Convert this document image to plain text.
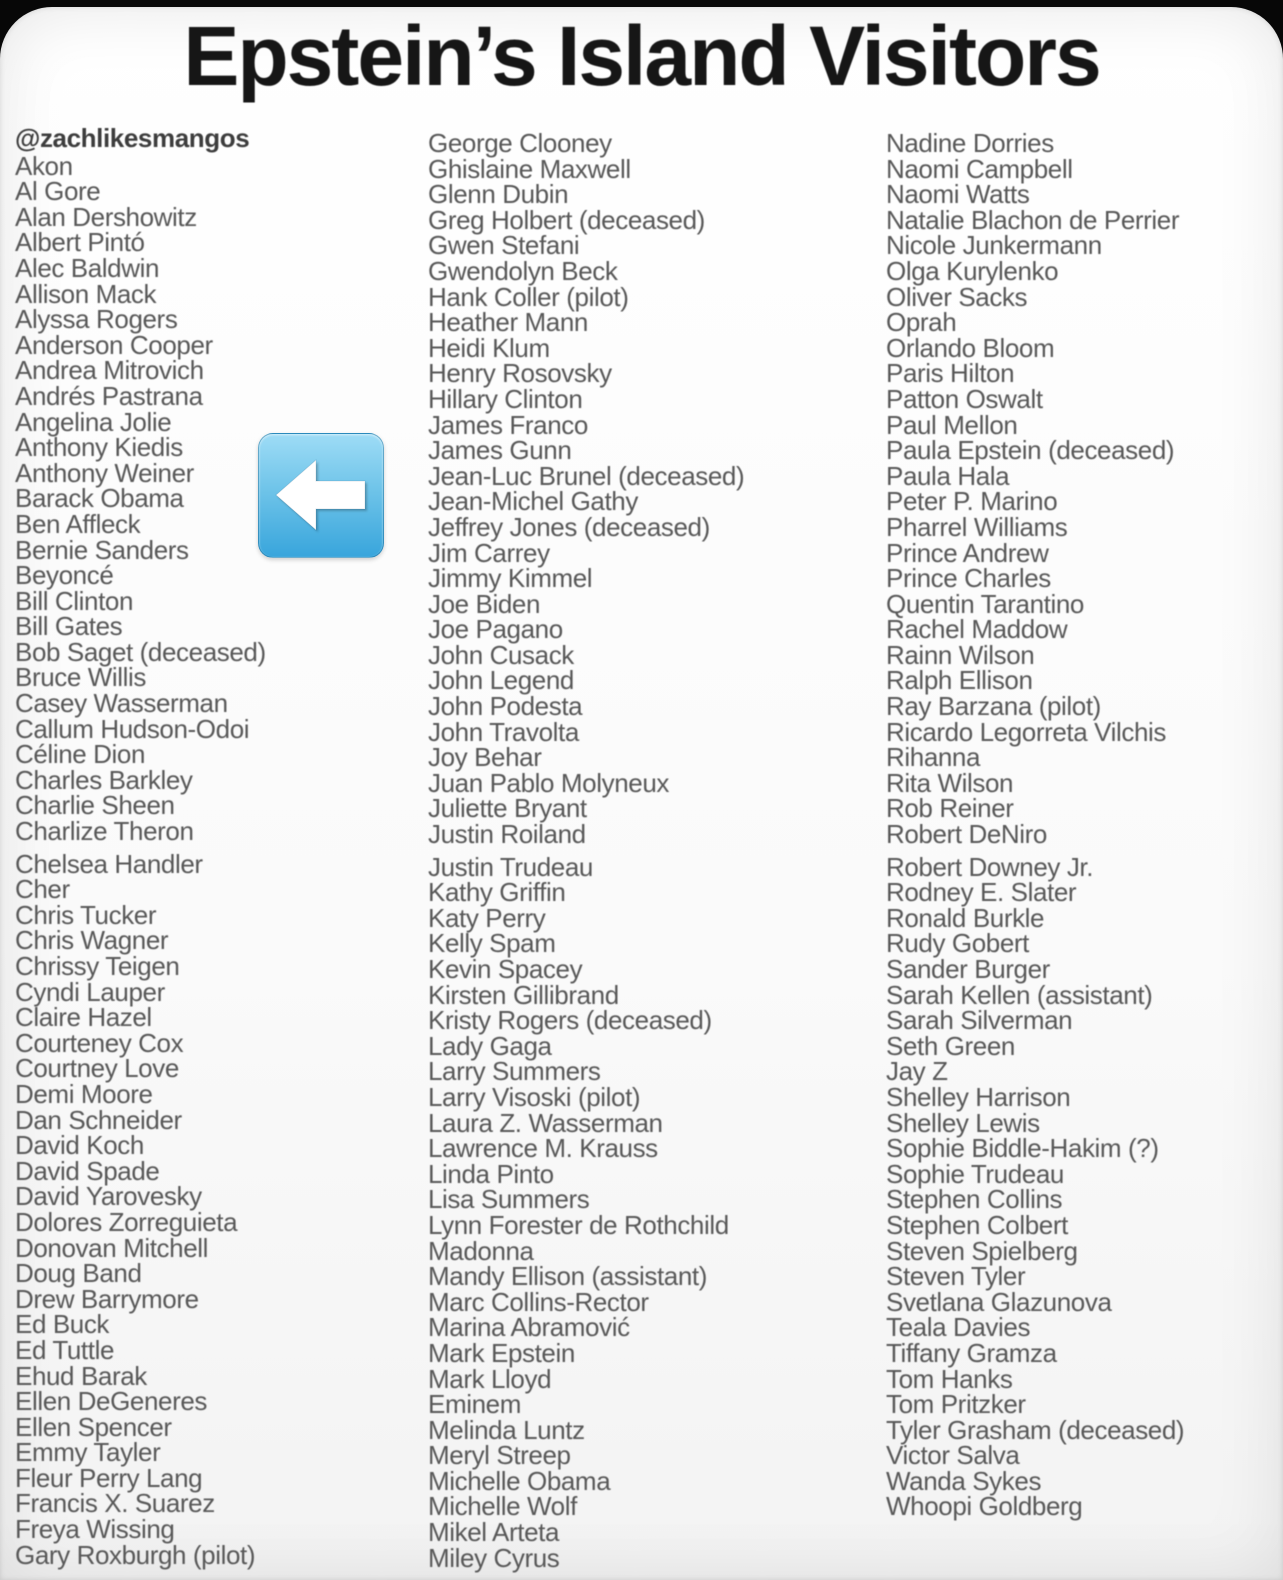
Epstein’s Island Visitors
@zachlikesmangos
Akon
Al Gore
Alan Dershowitz
Albert Pintó
Alec Baldwin
Allison Mack
Alyssa Rogers
Anderson Cooper
Andrea Mitrovich
Andrés Pastrana
Angelina Jolie
Anthony Kiedis
Anthony Weiner
Barack Obama
Ben Affleck
Bernie Sanders
Beyoncé
Bill Clinton
Bill Gates
Bob Saget (deceased)
Bruce Willis
Casey Wasserman
Callum Hudson-Odoi
Céline Dion
Charles Barkley
Charlie Sheen
Charlize Theron
Chelsea Handler
Cher
Chris Tucker
Chris Wagner
Chrissy Teigen
Cyndi Lauper
Claire Hazel
Courteney Cox
Courtney Love
Demi Moore
Dan Schneider
David Koch
David Spade
David Yarovesky
Dolores Zorreguieta
Donovan Mitchell
Doug Band
Drew Barrymore
Ed Buck
Ed Tuttle
Ehud Barak
Ellen DeGeneres
Ellen Spencer
Emmy Tayler
Fleur Perry Lang
Francis X. Suarez
Freya Wissing
Gary Roxburgh (pilot)
George Clooney
Ghislaine Maxwell
Glenn Dubin
Greg Holbert (deceased)
Gwen Stefani
Gwendolyn Beck
Hank Coller (pilot)
Heather Mann
Heidi Klum
Henry Rosovsky
Hillary Clinton
James Franco
James Gunn
Jean-Luc Brunel (deceased)
Jean-Michel Gathy
Jeffrey Jones (deceased)
Jim Carrey
Jimmy Kimmel
Joe Biden
Joe Pagano
John Cusack
John Legend
John Podesta
John Travolta
Joy Behar
Juan Pablo Molyneux
Juliette Bryant
Justin Roiland
Justin Trudeau
Kathy Griffin
Katy Perry
Kelly Spam
Kevin Spacey
Kirsten Gillibrand
Kristy Rogers (deceased)
Lady Gaga
Larry Summers
Larry Visoski (pilot)
Laura Z. Wasserman
Lawrence M. Krauss
Linda Pinto
Lisa Summers
Lynn Forester de Rothchild
Madonna
Mandy Ellison (assistant)
Marc Collins-Rector
Marina Abramović
Mark Epstein
Mark Lloyd
Eminem
Melinda Luntz
Meryl Streep
Michelle Obama
Michelle Wolf
Mikel Arteta
Miley Cyrus
Nadine Dorries
Naomi Campbell
Naomi Watts
Natalie Blachon de Perrier
Nicole Junkermann
Olga Kurylenko
Oliver Sacks
Oprah
Orlando Bloom
Paris Hilton
Patton Oswalt
Paul Mellon
Paula Epstein (deceased)
Paula Hala
Peter P. Marino
Pharrel Williams
Prince Andrew
Prince Charles
Quentin Tarantino
Rachel Maddow
Rainn Wilson
Ralph Ellison
Ray Barzana (pilot)
Ricardo Legorreta Vilchis
Rihanna
Rita Wilson
Rob Reiner
Robert DeNiro
Robert Downey Jr.
Rodney E. Slater
Ronald Burkle
Rudy Gobert
Sander Burger
Sarah Kellen (assistant)
Sarah Silverman
Seth Green
Jay Z
Shelley Harrison
Shelley Lewis
Sophie Biddle-Hakim (?)
Sophie Trudeau
Stephen Collins
Stephen Colbert
Steven Spielberg
Steven Tyler
Svetlana Glazunova
Teala Davies
Tiffany Gramza
Tom Hanks
Tom Pritzker
Tyler Grasham (deceased)
Victor Salva
Wanda Sykes
Whoopi Goldberg
